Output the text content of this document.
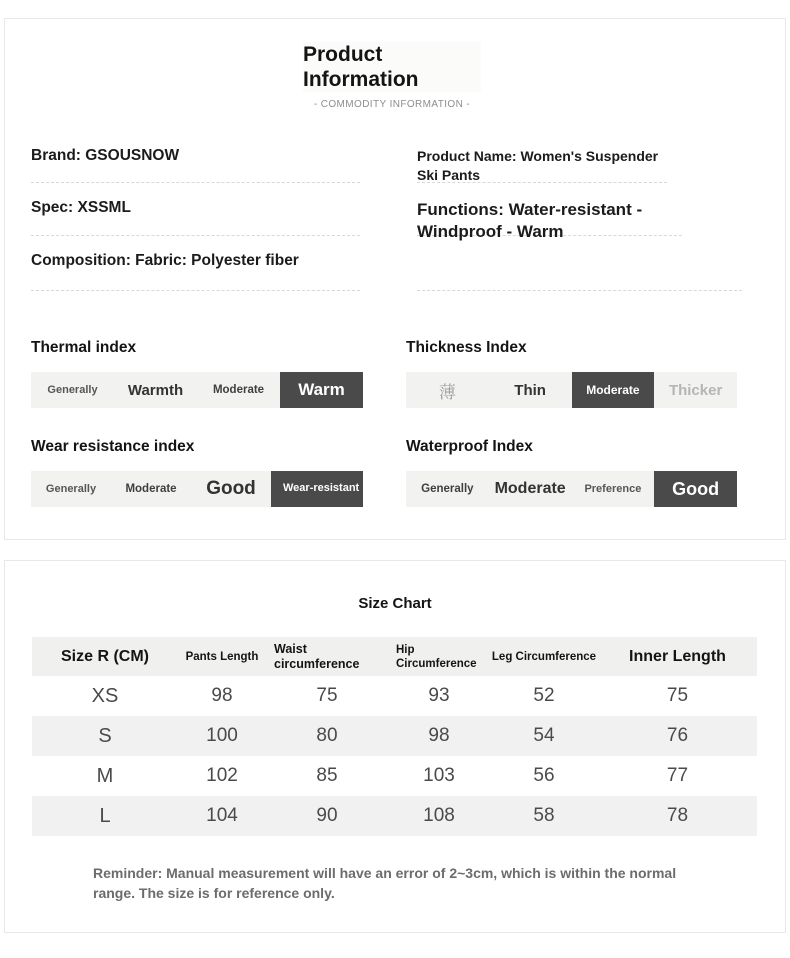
Product Information
- COMMODITY INFORMATION -
Brand: GSOUSNOW	Product Name: Women's Suspender Ski Pants
Spec: XSSML	Functions: Water-resistant - Windproof - Warm
Composition: Fabric: Polyester fiber
Thermal index
Generally	Warmth	Moderate	Warm
Thickness Index
薄	Thin	Moderate	Thicker
Wear resistance index
Generally	Moderate	Good	Wear-resistant
Waterproof Index
Generally	Moderate	Preference	Good
Size Chart
Size R (CM)	Pants Length	Waist circumference	Hip Circumference	Leg Circumference	Inner Length
XS	98	75	93	52	75
S	100	80	98	54	76
M	102	85	103	56	77
L	104	90	108	58	78
Reminder: Manual measurement will have an error of 2~3cm, which is within the normal range. The size is for reference only.
